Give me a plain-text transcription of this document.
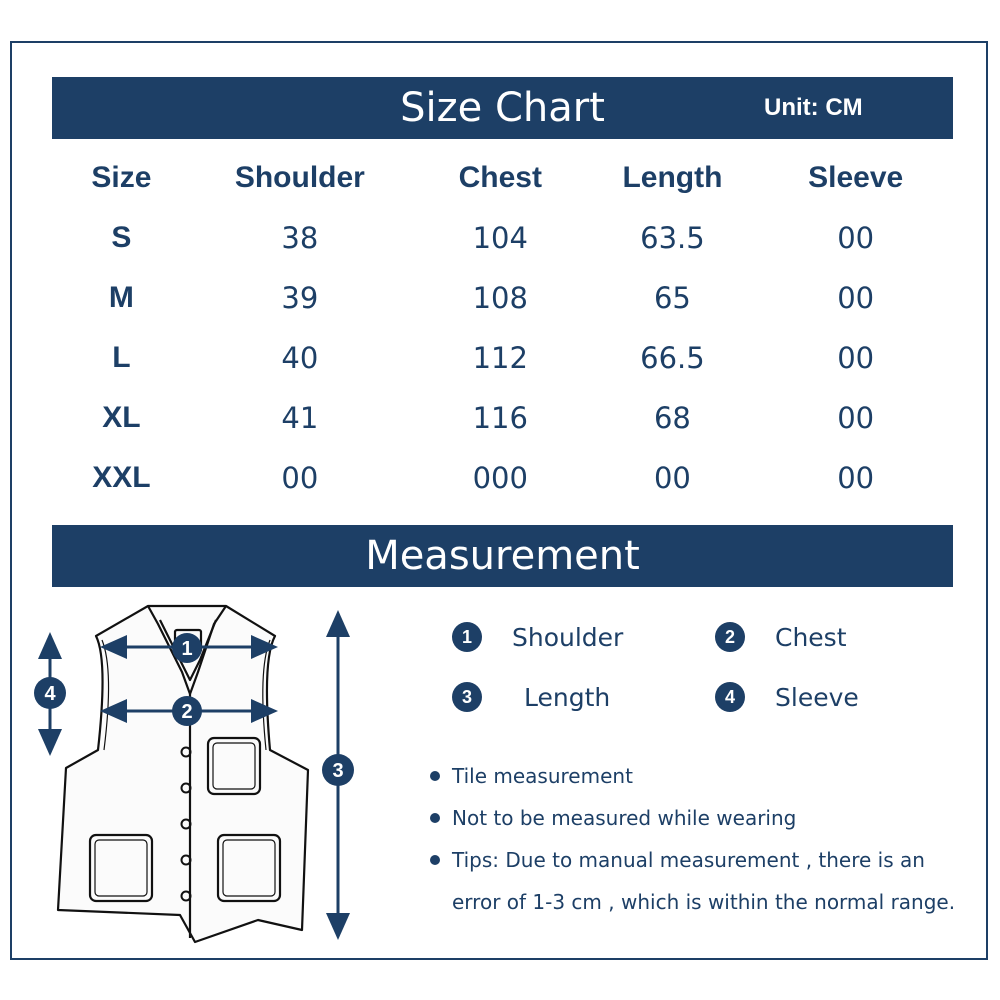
Size Chart	Unit: CM
Size	Shoulder	Chest	Length	Sleeve
S	38	104	63.5	00
M	39	108	65	00
L	40	112	66.5	00
XL	41	116	68	00
XXL	00	000	00	00
Measurement
1
2
3
4
1	Shoulder	2	Chest
3	Length	4	Sleeve
Tile measurement
Not to be measured while wearing
Tips: Due to manual measurement , there is an
error of 1-3 cm , which is within the normal range.
